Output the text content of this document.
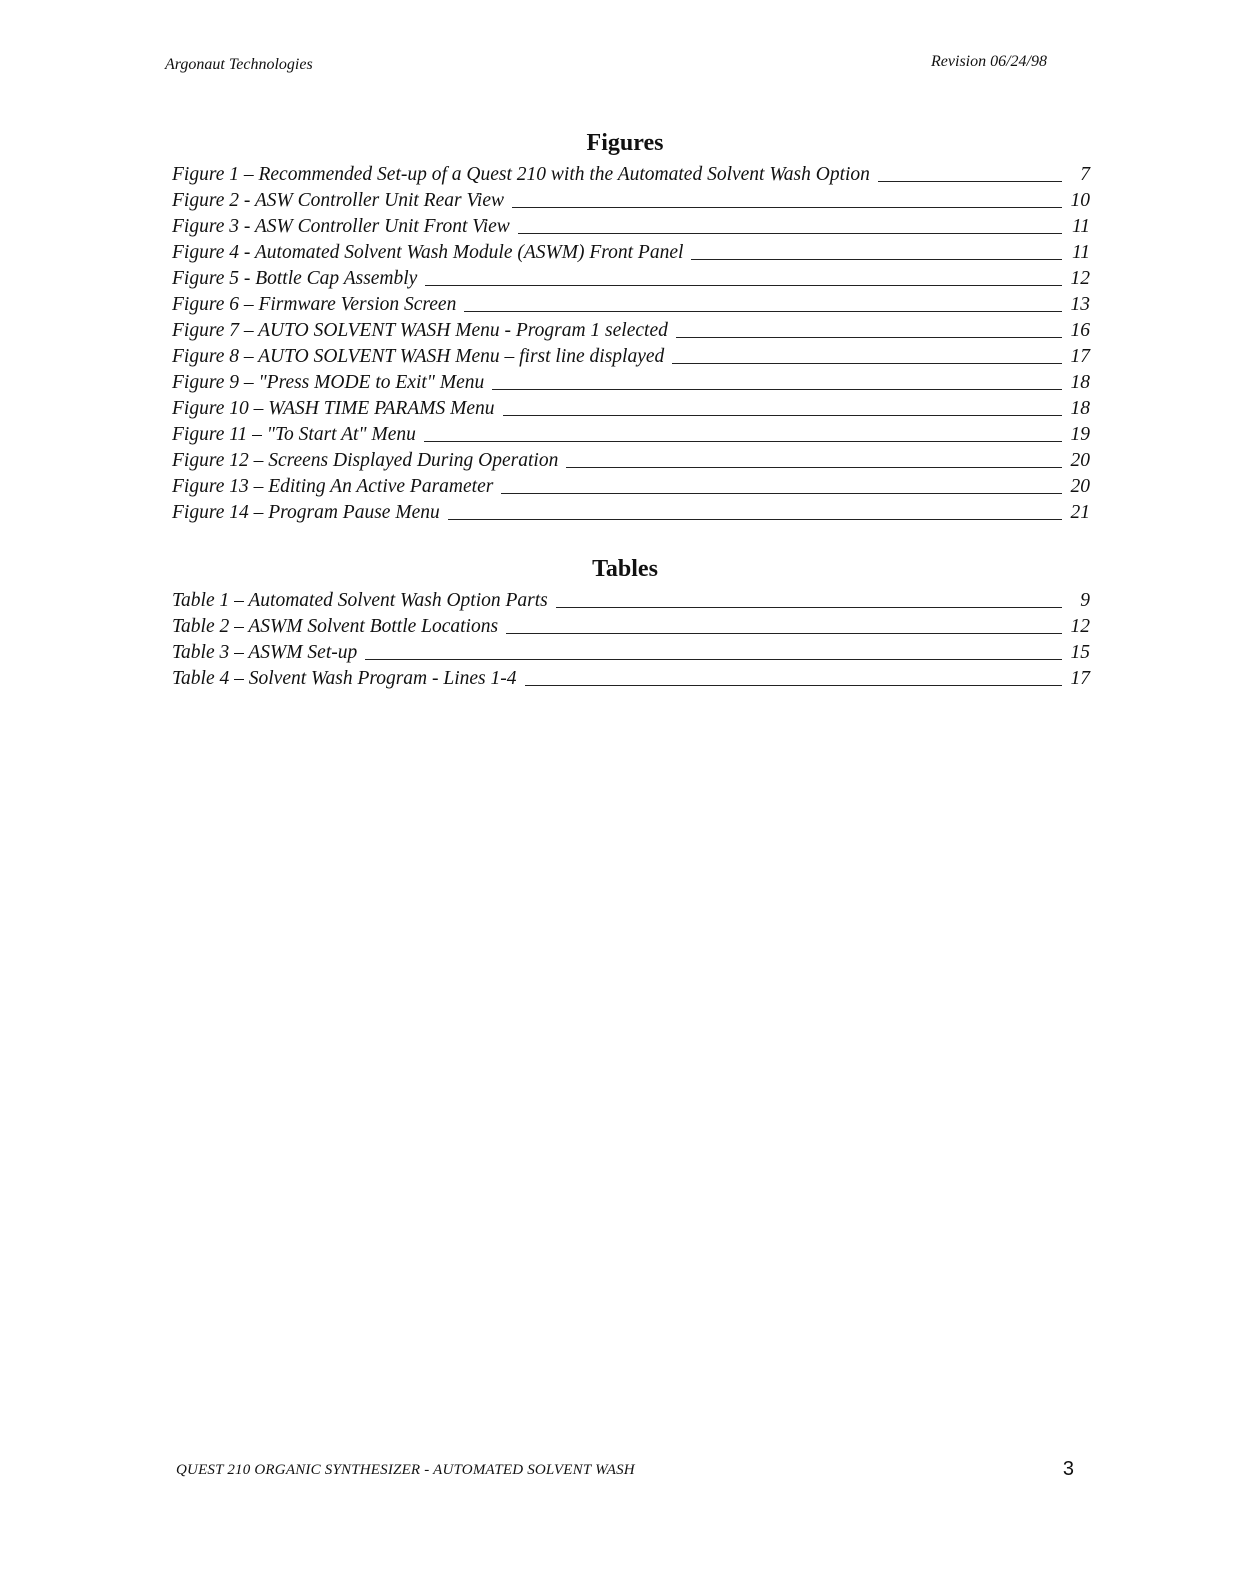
Argonaut Technologies	Revision 06/24/98
Figures
Figure 1 – Recommended Set-up of a Quest 210 with the Automated Solvent Wash Option	7
Figure 2 - ASW Controller Unit Rear View	10
Figure 3 - ASW Controller Unit Front View	11
Figure 4 - Automated Solvent Wash Module (ASWM) Front Panel	11
Figure 5 - Bottle Cap Assembly	12
Figure 6 – Firmware Version Screen	13
Figure 7 – AUTO SOLVENT WASH Menu - Program 1 selected	16
Figure 8 – AUTO SOLVENT WASH Menu – first line displayed	17
Figure 9 – "Press MODE to Exit" Menu	18
Figure 10 – WASH TIME PARAMS Menu	18
Figure 11 – "To Start At" Menu	19
Figure 12 – Screens Displayed During Operation	20
Figure 13 – Editing An Active Parameter	20
Figure 14 – Program Pause Menu	21
Tables
Table 1 – Automated Solvent Wash Option Parts	9
Table 2 – ASWM Solvent Bottle Locations	12
Table 3 – ASWM Set-up	15
Table 4 – Solvent Wash Program - Lines 1-4	17
QUEST 210 ORGANIC SYNTHESIZER - AUTOMATED SOLVENT WASH	3
